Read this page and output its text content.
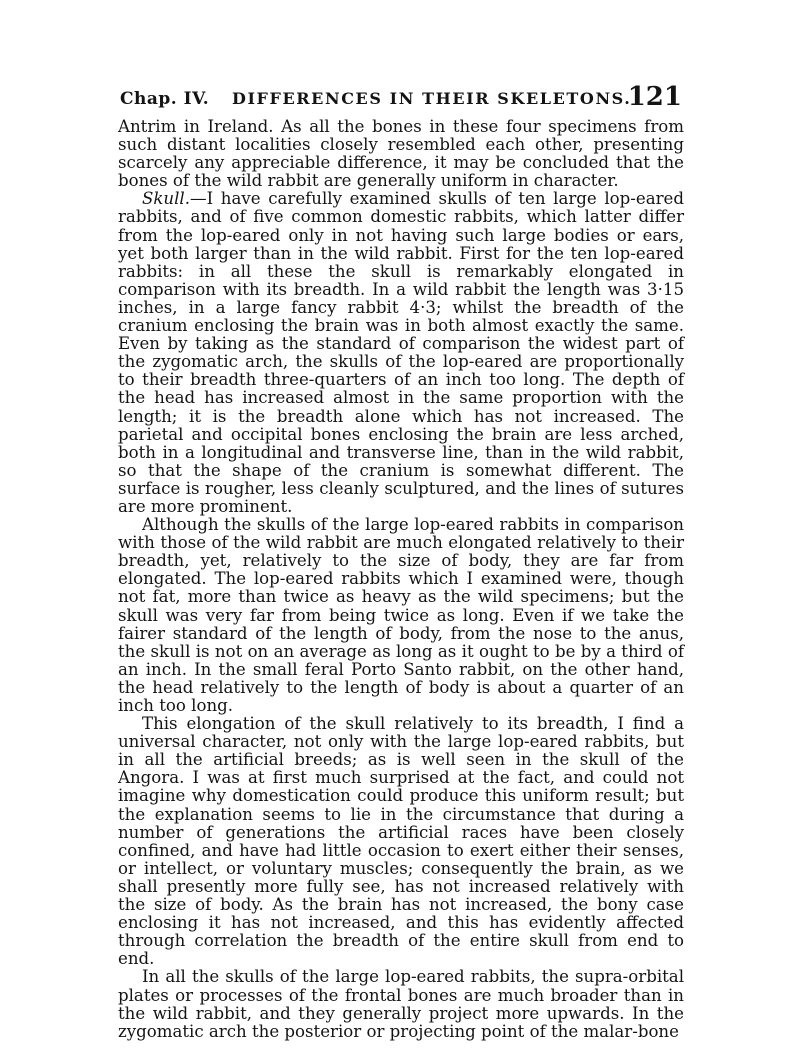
Chap. IV. DIFFERENCES IN THEIR SKELETONS.
121

Antrim in Ireland. As all the bones in these four specimens from such distant localities closely resembled each other, presenting scarcely any appreciable difference, it may be concluded that the bones of the wild rabbit are generally uniform in character.

Skull.—I have carefully examined skulls of ten large lop-eared rabbits, and of five common domestic rabbits, which latter differ from the lop-eared only in not having such large bodies or ears, yet both larger than in the wild rabbit. First for the ten lop-eared rabbits: in all these the skull is remarkably elongated in comparison with its breadth. In a wild rabbit the length was 3·15 inches, in a large fancy rabbit 4·3; whilst the breadth of the cranium enclosing the brain was in both almost exactly the same. Even by taking as the standard of comparison the widest part of the zygomatic arch, the skulls of the lop-eared are proportionally to their breadth three-quarters of an inch too long. The depth of the head has increased almost in the same proportion with the length; it is the breadth alone which has not increased. The parietal and occipital bones enclosing the brain are less arched, both in a longitudinal and transverse line, than in the wild rabbit, so that the shape of the cranium is somewhat different. The surface is rougher, less cleanly sculptured, and the lines of sutures are more prominent.

Although the skulls of the large lop-eared rabbits in comparison with those of the wild rabbit are much elongated relatively to their breadth, yet, relatively to the size of body, they are far from elongated. The lop-eared rabbits which I examined were, though not fat, more than twice as heavy as the wild specimens; but the skull was very far from being twice as long. Even if we take the fairer standard of the length of body, from the nose to the anus, the skull is not on an average as long as it ought to be by a third of an inch. In the small feral Porto Santo rabbit, on the other hand, the head relatively to the length of body is about a quarter of an inch too long.

This elongation of the skull relatively to its breadth, I find a universal character, not only with the large lop-eared rabbits, but in all the artificial breeds; as is well seen in the skull of the Angora. I was at first much surprised at the fact, and could not imagine why domestication could produce this uniform result; but the explanation seems to lie in the circumstance that during a number of generations the artificial races have been closely confined, and have had little occasion to exert either their senses, or intellect, or voluntary muscles; consequently the brain, as we shall presently more fully see, has not increased relatively with the size of body. As the brain has not increased, the bony case enclosing it has not increased, and this has evidently affected through correlation the breadth of the entire skull from end to end.

In all the skulls of the large lop-eared rabbits, the supra-orbital plates or processes of the frontal bones are much broader than in the wild rabbit, and they generally project more upwards. In the zygomatic arch the posterior or projecting point of the malar-bone
